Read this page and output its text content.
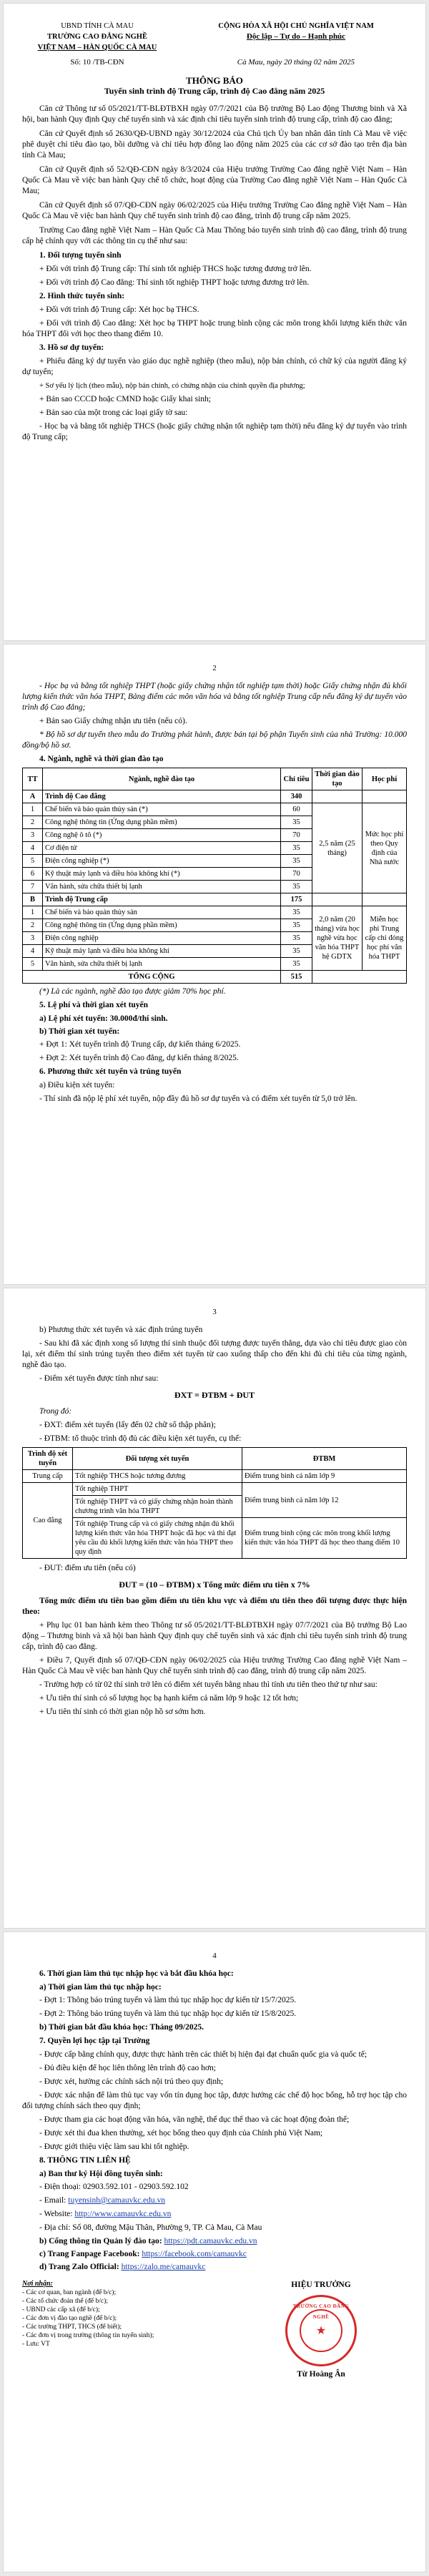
UBND TỈNH CÀ MAU
TRƯỜNG CAO ĐẲNG NGHỀ
VIỆT NAM – HÀN QUỐC CÀ MAU
CỘNG HÒA XÃ HỘI CHỦ NGHĨA VIỆT NAM
Độc lập – Tự do – Hạnh phúc
Số: 10 /TB-CĐN	Cà Mau, ngày 20 tháng 02 năm 2025
THÔNG BÁO
Tuyển sinh trình độ Trung cấp, trình độ Cao đẳng năm 2025
Căn cứ Thông tư số 05/2021/TT-BLĐTBXH ngày 07/7/2021 của Bộ trưởng Bộ Lao động Thương binh và Xã hội, ban hành Quy định Quy chế tuyển sinh và xác định chỉ tiêu tuyển sinh trình độ trung cấp, trình độ cao đẳng;
Căn cứ Quyết định số 2630/QĐ-UBND ngày 30/12/2024 của Chủ tịch Ủy ban nhân dân tỉnh Cà Mau về việc phê duyệt chỉ tiêu đào tạo, bồi dưỡng và chỉ tiêu hợp đồng lao động năm 2025 của các cơ sở đào tạo trên địa bàn tỉnh Cà Mau;
Căn cứ Quyết định số 52/QĐ-CĐN ngày 8/3/2024 của Hiệu trưởng Trường Cao đẳng nghề Việt Nam – Hàn Quốc Cà Mau về việc ban hành Quy chế tổ chức, hoạt động của Trường Cao đẳng nghề Việt Nam – Hàn Quốc Cà Mau;
Căn cứ Quyết định số 07/QĐ-CĐN ngày 06/02/2025 của Hiệu trưởng Trường Cao đẳng nghề Việt Nam – Hàn Quốc Cà Mau về việc ban hành Quy chế tuyển sinh trình độ cao đẳng, trình độ trung cấp năm 2025.
Trường Cao đẳng nghề Việt Nam – Hàn Quốc Cà Mau Thông báo tuyển sinh trình độ cao đẳng, trình độ trung cấp hệ chính quy với các thông tin cụ thể như sau:
1. Đối tượng tuyển sinh
+ Đối với trình độ Trung cấp: Thí sinh tốt nghiệp THCS hoặc tương đương trở lên.
+ Đối với trình độ Cao đẳng: Thí sinh tốt nghiệp THPT hoặc tương đương trở lên.
2. Hình thức tuyển sinh:
+ Đối với trình độ Trung cấp: Xét học bạ THCS.
+ Đối với trình độ Cao đẳng: Xét học bạ THPT hoặc trung bình cộng các môn trong khối lượng kiến thức văn hóa THPT đối với học theo thang điểm 10.
3. Hồ sơ dự tuyển:
+ Phiếu đăng ký dự tuyển vào giáo dục nghề nghiệp (theo mẫu), nộp bản chính, có chữ ký của người đăng ký dự tuyển;
+ Sơ yếu lý lịch (theo mẫu), nộp bản chính, có chứng nhận của chính quyền địa phương;
+ Bản sao CCCD hoặc CMND hoặc Giấy khai sinh;
+ Bản sao của một trong các loại giấy tờ sau:
- Học bạ và bằng tốt nghiệp THCS (hoặc giấy chứng nhận tốt nghiệp tạm thời) nếu đăng ký dự tuyển vào trình độ Trung cấp;
2
- Học bạ và bằng tốt nghiệp THPT (hoặc giấy chứng nhận tốt nghiệp tạm thời) hoặc Giấy chứng nhận đủ khối lượng kiến thức văn hóa THPT, Bảng điểm các môn văn hóa và bằng tốt nghiệp Trung cấp nếu đăng ký dự tuyển vào trình độ Cao đẳng;
+ Bản sao Giấy chứng nhận ưu tiên (nếu có).
* Bộ hồ sơ dự tuyển theo mẫu do Trường phát hành, được bán tại bộ phận Tuyển sinh của nhà Trường: 10.000 đồng/bộ hồ sơ.
4. Ngành, nghề và thời gian đào tạo
TT	Ngành, nghề đào tạo	Chỉ tiêu	Thời gian đào tạo	Học phí
A	Trình độ Cao đẳng	340		
1	Chế biến và bảo quản thủy sản (*)	60	2,5 năm (25 tháng)	Mức học phí theo Quy định của Nhà nước
2	Công nghệ thông tin (Ứng dụng phần mềm)	35		
3	Công nghệ ô tô (*)	70		
4	Cơ điện tử	35		
5	Điện công nghiệp (*)	35		
6	Kỹ thuật máy lạnh và điều hòa không khí (*)	70		
7	Văn hành, sửa chữa thiết bị lạnh	35		
B	Trình độ Trung cấp	175		
1	Chế biến và bảo quản thủy sản	35	2,0 năm (20 tháng) vừa học nghề vừa học văn hóa THPT hệ GDTX	Miễn học phí Trung cấp chỉ đóng học phí văn hóa THPT
2	Công nghệ thông tin (Ứng dụng phần mềm)	35		
3	Điện công nghiệp	35		
4	Kỹ thuật máy lạnh và điều hòa không khí	35		
5	Văn hành, sửa chữa thiết bị lạnh	35		
TỔNG CỘNG		515		
(*) Là các ngành, nghề đào tạo được giảm 70% học phí.
5. Lệ phí và thời gian xét tuyển
a) Lệ phí xét tuyển: 30.000đ/thí sinh.
b) Thời gian xét tuyển:
+ Đợt 1: Xét tuyển trình độ Trung cấp, dự kiến tháng 6/2025.
+ Đợt 2: Xét tuyển trình độ Cao đẳng, dự kiến tháng 8/2025.
6. Phương thức xét tuyển và trúng tuyển
a) Điều kiện xét tuyển:
- Thí sinh đã nộp lệ phí xét tuyển, nộp đầy đủ hồ sơ dự tuyển và có điểm xét tuyển từ 5,0 trở lên.
3
b) Phương thức xét tuyển và xác định trúng tuyển
- Sau khi đã xác định xong số lượng thí sinh thuộc đối tượng được tuyển thẳng, dựa vào chỉ tiêu được giao còn lại, xét điểm thí sinh trúng tuyển theo điểm xét tuyển từ cao xuống thấp cho đến khi đủ chỉ tiêu của từng ngành, nghề đào tạo.
- Điểm xét tuyển được tính như sau:
ĐXT = ĐTBM + ĐUT
Trong đó:
- ĐXT: điểm xét tuyển (lấy đến 02 chữ số thập phân);
- ĐTBM: tổ thuộc trình độ đủ các điều kiện xét tuyển, cụ thể:
Trình độ xét tuyển	Đối tượng xét tuyển	ĐTBM
Trung cấp	Tốt nghiệp THCS hoặc tương đương	Điểm trung bình cả năm lớp 9
Cao đẳng	Tốt nghiệp THPT	Điểm trung bình cả năm lớp 12
	Tốt nghiệp THPT và có giấy chứng nhận hoàn thành chương trình văn hóa THPT	
	Tốt nghiệp Trung cấp và có giấy chứng nhận đủ khối lượng kiến thức văn hóa THPT hoặc đã học và thi đạt yêu cầu đủ khối lượng kiến thức văn hóa THPT theo quy định	Điểm trung bình cộng các môn trong khối lượng kiến thức văn hóa THPT đã học theo thang điểm 10
- ĐUT: điểm ưu tiên (nếu có)
ĐUT = (10 – ĐTBM) x Tổng mức điểm ưu tiên x 7%
Tổng mức điểm ưu tiên bao gồm điểm ưu tiên khu vực và điểm ưu tiên theo đối tượng được thực hiện theo:
+ Phụ lục 01 ban hành kèm theo Thông tư số 05/2021/TT-BLĐTBXH ngày 07/7/2021 của Bộ trưởng Bộ Lao động – Thương binh và xã hội ban hành Quy định quy chế tuyển sinh và xác định chỉ tiêu tuyển sinh trình độ trung cấp, trình độ cao đẳng.
+ Điều 7, Quyết định số 07/QĐ-CĐN ngày 06/02/2025 của Hiệu trưởng Trường Cao đẳng nghề Việt Nam – Hàn Quốc Cà Mau về việc ban hành Quy chế tuyển sinh trình độ cao đẳng, trình độ trung cấp năm 2025.
- Trường hợp có từ 02 thí sinh trở lên có điểm xét tuyển bằng nhau thì tính ưu tiên theo thứ tự như sau:
+ Ưu tiên thí sinh có số lượng học bạ hạnh kiểm cả năm lớp 9 hoặc 12 tốt hơn;
+ Ưu tiên thí sinh có thời gian nộp hồ sơ sớm hơn.
4
6. Thời gian làm thủ tục nhập học và bắt đầu khóa học:
a) Thời gian làm thủ tục nhập học:
- Đợt 1: Thông báo trúng tuyển và làm thủ tục nhập học dự kiến từ 15/7/2025.
- Đợt 2: Thông báo trúng tuyển và làm thủ tục nhập học dự kiến từ 15/8/2025.
b) Thời gian bắt đầu khóa học: Tháng 09/2025.
7. Quyền lợi học tập tại Trường
- Được cấp bằng chính quy, được thực hành trên các thiết bị hiện đại đạt chuẩn quốc gia và quốc tế;
- Đủ điều kiện để học liên thông lên trình độ cao hơn;
- Được xét, hưởng các chính sách nội trú theo quy định;
- Được xác nhận để làm thủ tục vay vốn tín dụng học tập, được hưởng các chế độ học bổng, hỗ trợ học tập cho đối tượng chính sách theo quy định;
- Được tham gia các hoạt động văn hóa, văn nghệ, thể dục thể thao và các hoạt động đoàn thể;
- Được xét thi đua khen thưởng, xét học bổng theo quy định của Chính phủ Việt Nam;
- Được giới thiệu việc làm sau khi tốt nghiệp.
8. THÔNG TIN LIÊN HỆ
a) Ban thư ký Hội đồng tuyển sinh:
- Điện thoại: 02903.592.101 - 02903.592.102
- Email: tuyensinh@camauvkc.edu.vn
- Website: http://www.camauvkc.edu.vn
- Địa chỉ: Số 08, đường Mậu Thân, Phường 9, TP. Cà Mau, Cà Mau
b) Cổng thông tin Quản lý đào tạo: https://pdt.camauvkc.edu.vn
c) Trang Fanpage Facebook: https://facebook.com/camauvkc
d) Trang Zalo Official: https://zalo.me/camauvkc
Nơi nhận:
- Các cơ quan, ban ngành (để b/c);
- Các tổ chức đoàn thể (để b/c);
- UBND các cấp xã (để b/c);
- Các đơn vị đào tạo nghề (để b/c);
- Các trường THPT, THCS (để biết);
- Các đơn vị trong trường (thông tin tuyển sinh);
- Lưu: VT
HIỆU TRƯỞNG
TRƯỜNG CAO ĐẲNG NGHỀ
★
Từ Hoàng Ân
